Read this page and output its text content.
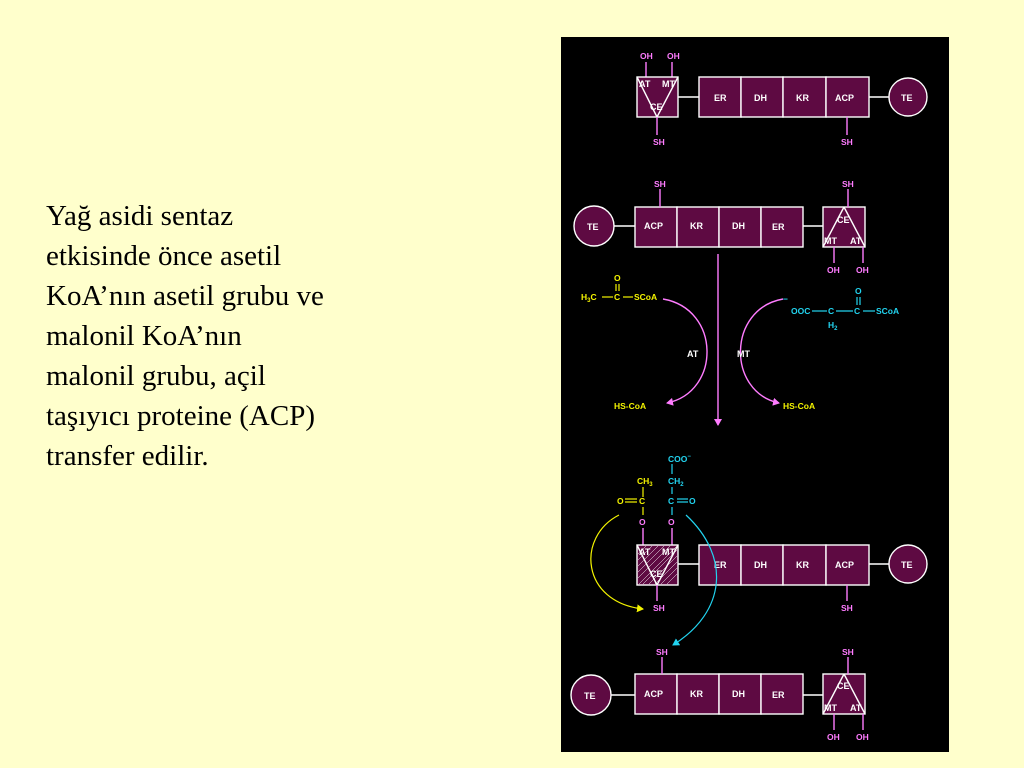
Yağ asidi sentaz
etkisinde önce asetil
KoA’nın asetil grubu ve
malonil KoA’nın
malonil grubu, açil
taşıyıcı proteine (ACP)
transfer edilir.
OH OH
AT MT
CE
SH
ER	DH	KR	ACP
SH
TE
TE	ACP	KR	DH	ER
SH
CE
MT AT
SH
OH OH
$H_3C$ C
O
SCoA	−
OOC C
$H_2$
C
O
SCoA
AT	MT
HS-CoA	HS-CoA
COO−
$CH_2$
C O
O
$CH_3$
O C
O
AT MT
CE
SH
ER	DH	KR	ACP
SH
TE
TE	ACP	KR	DH	ER
SH
CE
MT AT
SH
OH OH
